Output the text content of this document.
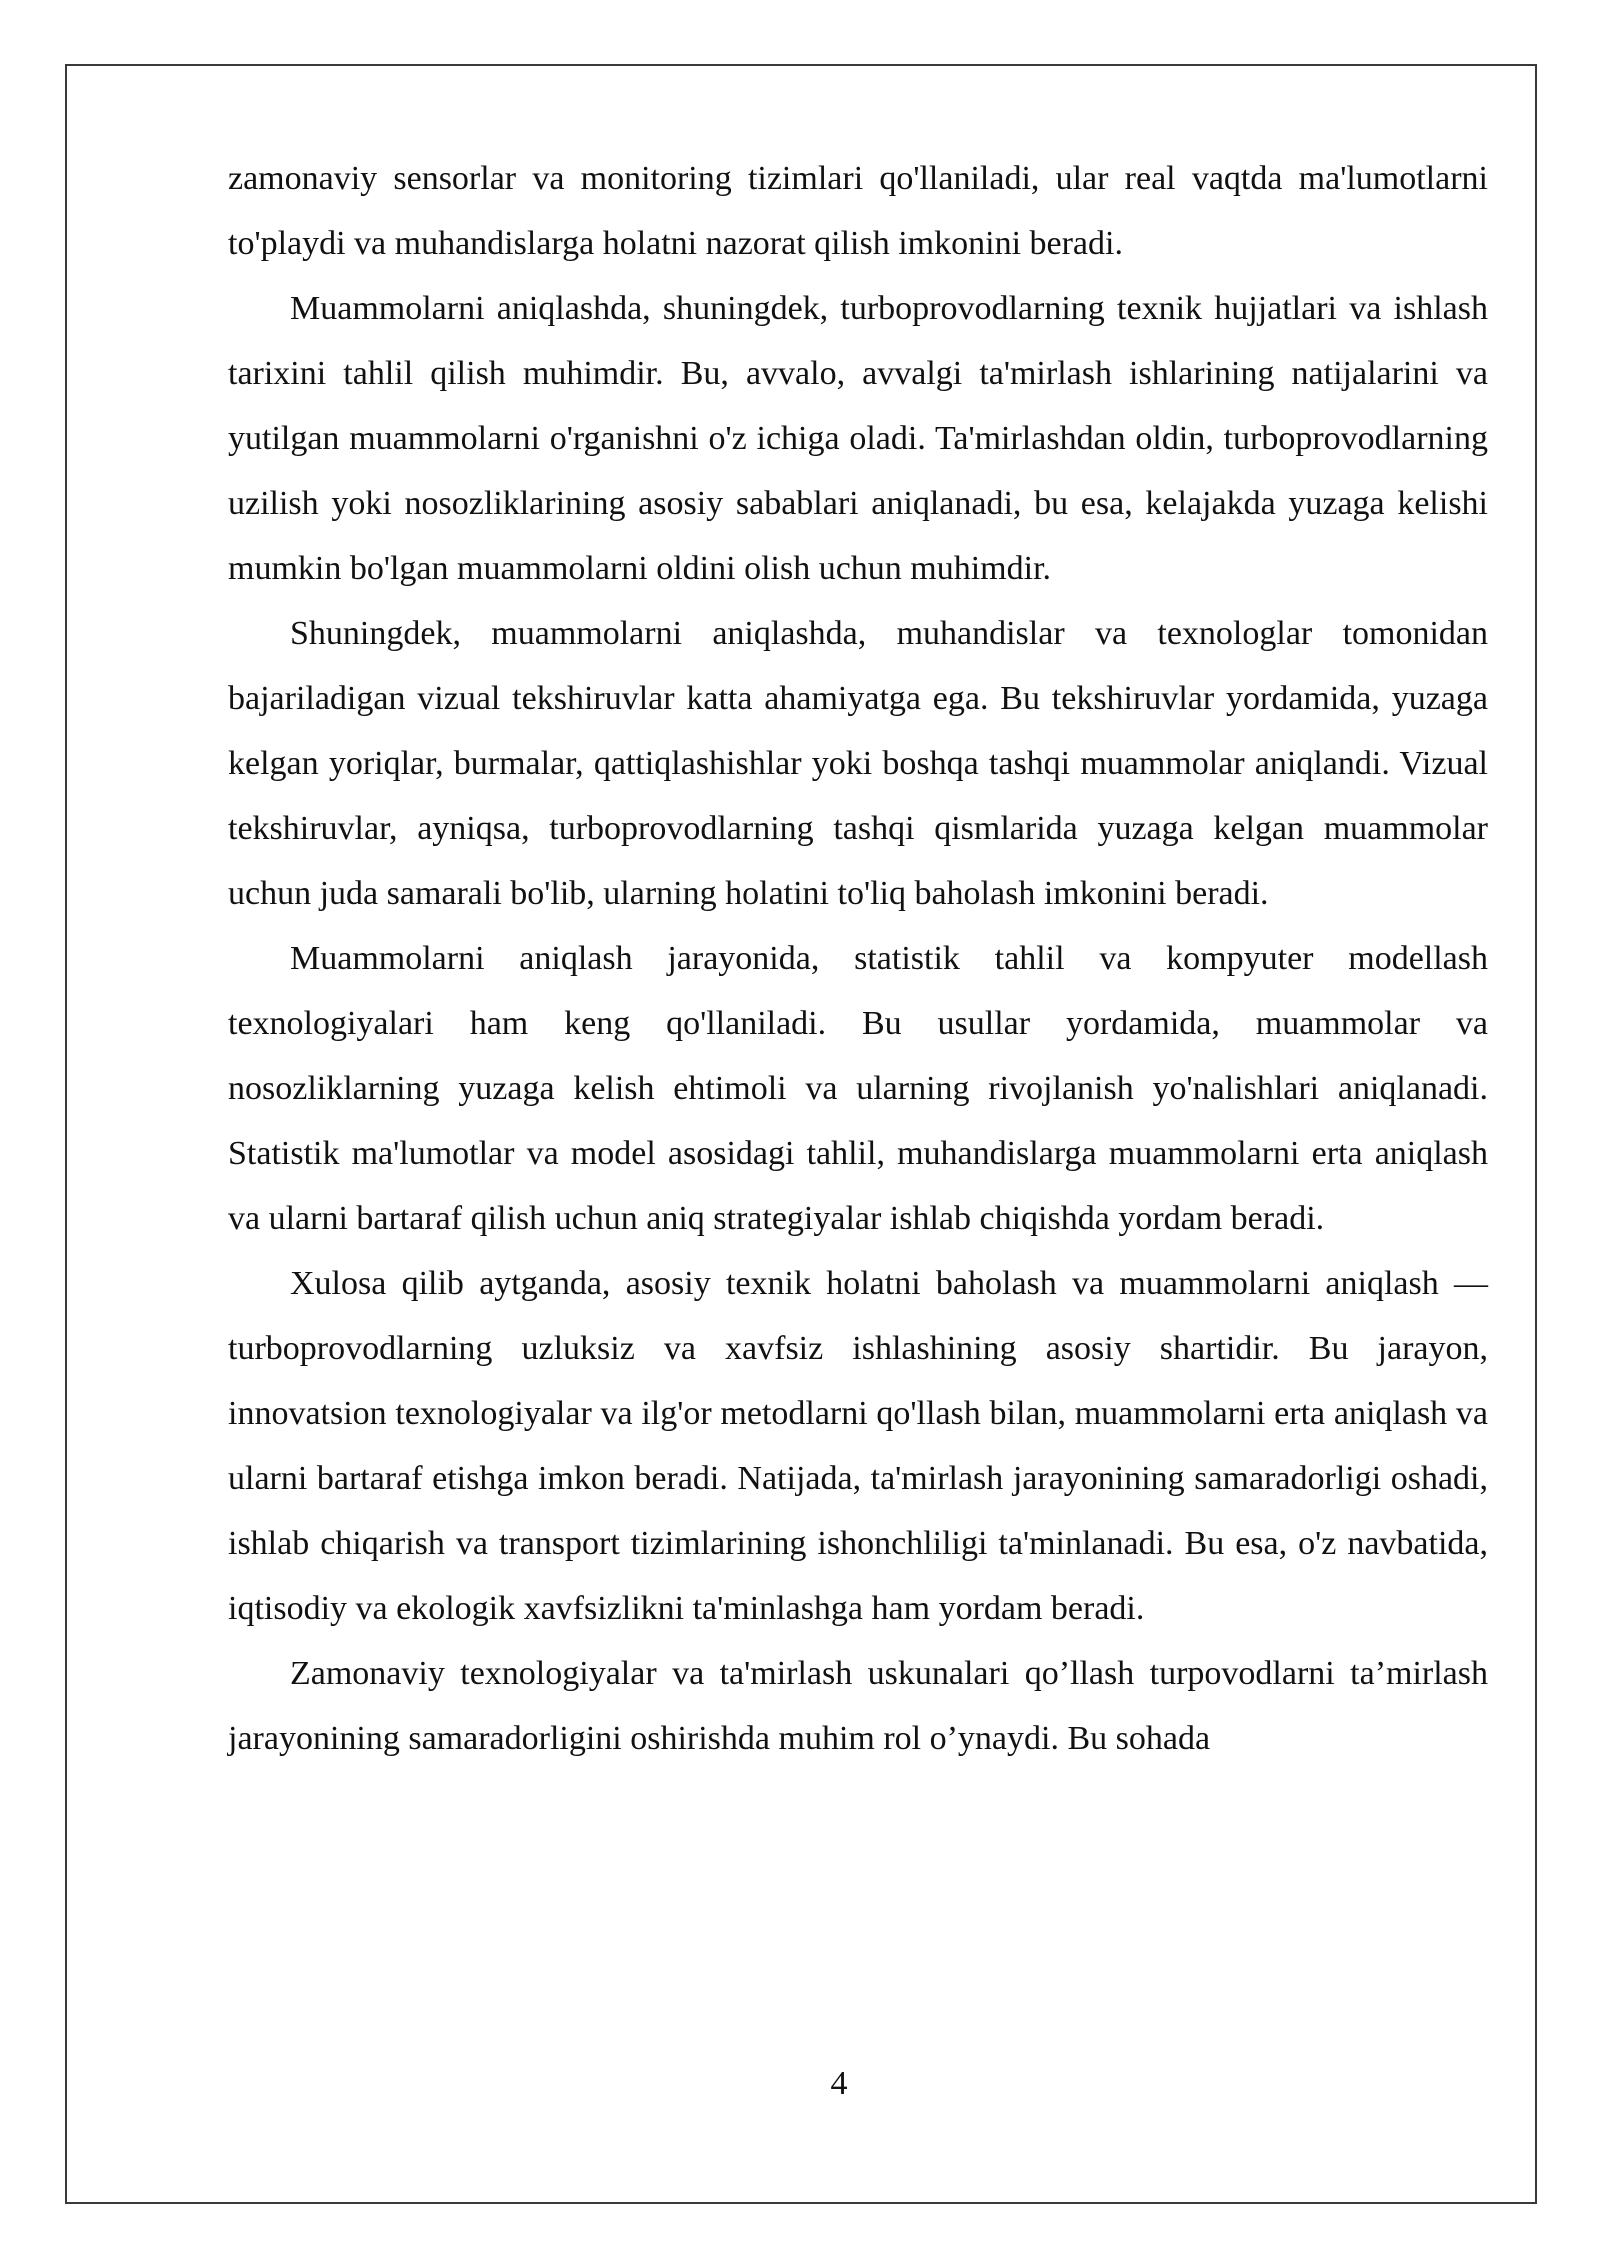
zamonaviy sensorlar va monitoring tizimlari qo'llaniladi, ular real vaqtda ma'lumotlarni to'playdi va muhandislarga holatni nazorat qilish imkonini beradi.

Muammolarni aniqlashda, shuningdek, turboprovodlarning texnik hujjatlari va ishlash tarixini tahlil qilish muhimdir. Bu, avvalo, avvalgi ta'mirlash ishlarining natijalarini va yutilgan muammolarni o'rganishni o'z ichiga oladi. Ta'mirlashdan oldin, turboprovodlarning uzilish yoki nosozliklarining asosiy sabablari aniqlanadi, bu esa, kelajakda yuzaga kelishi mumkin bo'lgan muammolarni oldini olish uchun muhimdir.

Shuningdek, muammolarni aniqlashda, muhandislar va texnologlar tomonidan bajariladigan vizual tekshiruvlar katta ahamiyatga ega. Bu tekshiruvlar yordamida, yuzaga kelgan yoriqlar, burmalar, qattiqlashishlar yoki boshqa tashqi muammolar aniqlandi. Vizual tekshiruvlar, ayniqsa, turboprovodlarning tashqi qismlarida yuzaga kelgan muammolar uchun juda samarali bo'lib, ularning holatini to'liq baholash imkonini beradi.

Muammolarni aniqlash jarayonida, statistik tahlil va kompyuter modellash texnologiyalari ham keng qo'llaniladi. Bu usullar yordamida, muammolar va nosozliklarning yuzaga kelish ehtimoli va ularning rivojlanish yo'nalishlari aniqlanadi. Statistik ma'lumotlar va model asosidagi tahlil, muhandislarga muammolarni erta aniqlash va ularni bartaraf qilish uchun aniq strategiyalar ishlab chiqishda yordam beradi.

Xulosa qilib aytganda, asosiy texnik holatni baholash va muammolarni aniqlash — turboprovodlarning uzluksiz va xavfsiz ishlashining asosiy shartidir. Bu jarayon, innovatsion texnologiyalar va ilg'or metodlarni qo'llash bilan, muammolarni erta aniqlash va ularni bartaraf etishga imkon beradi. Natijada, ta'mirlash jarayonining samaradorligi oshadi, ishlab chiqarish va transport tizimlarining ishonchliligi ta'minlanadi. Bu esa, o'z navbatida, iqtisodiy va ekologik xavfsizlikni ta'minlashga ham yordam beradi.

Zamonaviy texnologiyalar va ta'mirlash uskunalari qo’llash turpovodlarni ta’mirlash jarayonining samaradorligini oshirishda muhim rol o’ynaydi. Bu sohada

4
